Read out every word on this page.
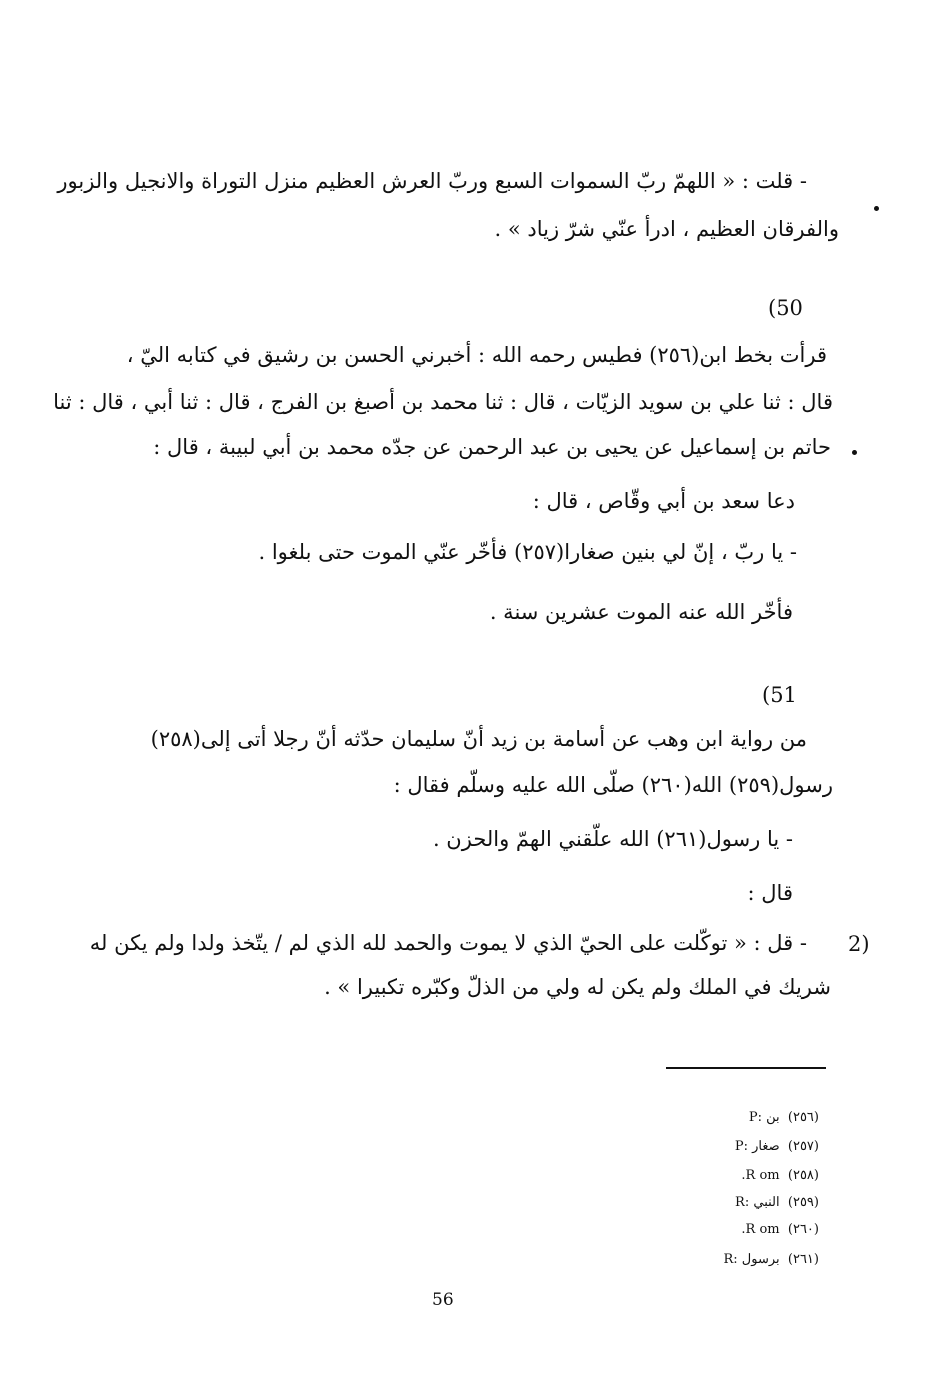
- قلت : « اللهمّ ربّ السموات السبع وربّ العرش العظيم منزل التوراة والانجيل والزبور
والفرقان العظيم ، ادرأ عنّي شرّ زياد » .
(50
قرأت بخط ابن(٢٥٦) فطيس رحمه الله : أخبرني الحسن بن رشيق في كتابه اليّ ،
قال : ثنا علي بن سويد الزيّات ، قال : ثنا محمد بن أصبغ بن الفرج ، قال : ثنا أبي ، قال : ثنا
حاتم بن إسماعيل عن يحيى بن عبد الرحمن عن جدّه محمد بن أبي لبيبة ، قال :
دعا سعد بن أبي وقّاص ، قال :
- يا ربّ ، إنّ لي بنين صغارا(٢٥٧) فأخّر عنّي الموت حتى بلغوا .
فأخّر الله عنه الموت عشرين سنة .
(51
من رواية ابن وهب عن أسامة بن زيد أنّ سليمان حدّثه أنّ رجلا أتى إلى(٢٥٨)
رسول(٢٥٩) الله(٢٦٠) صلّى الله عليه وسلّم فقال :
- يا رسول(٢٦١) الله علّقني الهمّ والحزن .
قال :
2)
- قل : « توكّلت على الحيّ الذي لا يموت والحمد لله الذي لم / يتّخذ ولدا ولم يكن له
شريك في الملك ولم يكن له ولي من الذلّ وكبّره تكبيرا » .
بن :P (٢٥٦)
صغار :P (٢٥٧)
R om. (٢٥٨)
النبي :R (٢٥٩)
R om. (٢٦٠)
برسول :R (٢٦١)
56
